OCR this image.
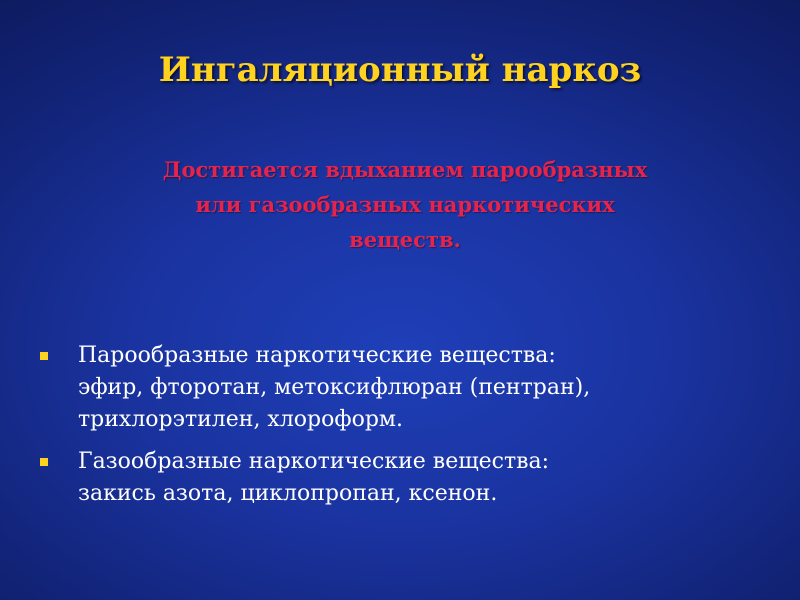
Ингаляционный наркоз
Достигается вдыханием парообразных
или газообразных наркотических
веществ.
Парообразные наркотические вещества:
эфир, фторотан, метоксифлюран (пентран),
трихлорэтилен, хлороформ.
Газообразные наркотические вещества:
закись азота, циклопропан, ксенон.
